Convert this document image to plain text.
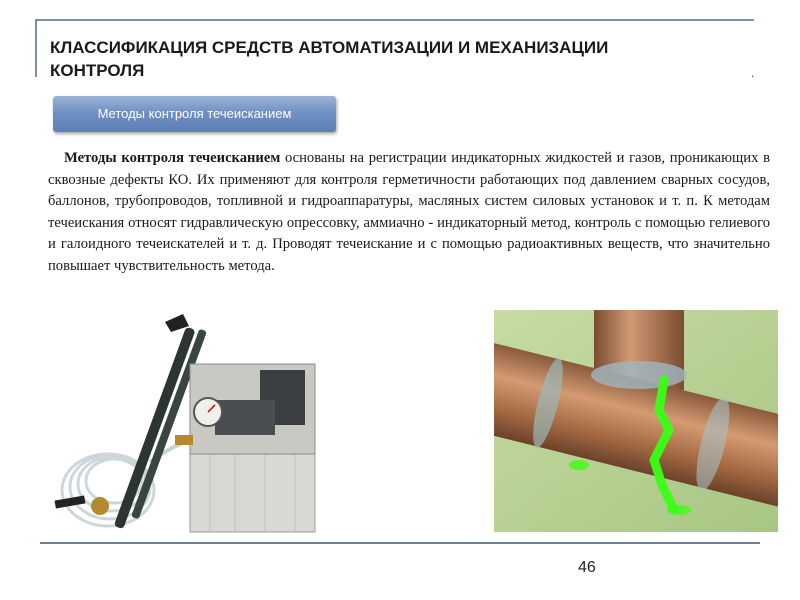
КЛАССИФИКАЦИЯ СРЕДСТВ АВТОМАТИЗАЦИИ И МЕХАНИЗАЦИИ КОНТРОЛЯ	.
Методы контроля течеисканием

Методы контроля течеисканием основаны на регистрации индикаторных жидкостей и газов, проникающих в сквозные дефекты КО. Их применяют для контроля герметичности работающих под давлением сварных сосудов, баллонов, трубопроводов, топливной и гидроаппаратуры, масляных систем силовых установок и т. п. К методам течеискания относят гидравлическую опрессовку, аммиачно - индикаторный метод, контроль с помощью гелиевого и галоидного течеискателей и т. д. Проводят течеискание и с помощью радиоактивных веществ, что значительно повышает чувствительность метода.

46
